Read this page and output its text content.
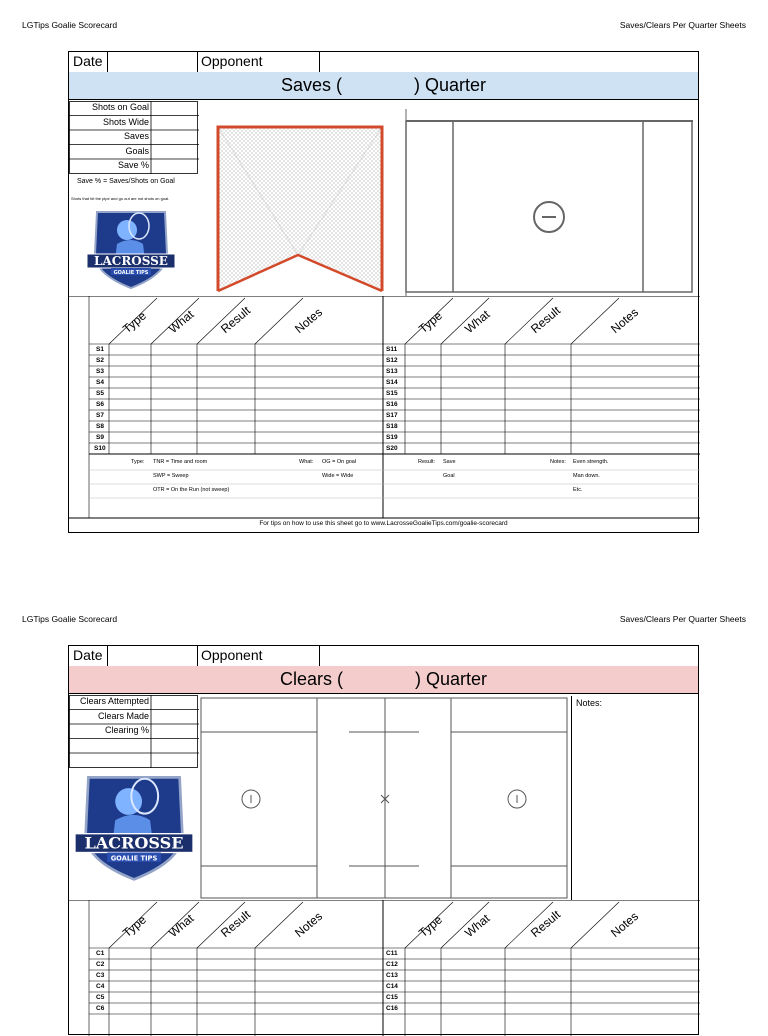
LGTips Goalie Scorecard	Saves/Clears Per Quarter Sheets
Date	Opponent
Saves (	) Quarter
Shots on Goal
Shots Wide
Saves
Goals
Save %
Save % = Saves/Shots on Goal
Shots that hit the pipe and go out are not shots on goal.
LACROSSE
GOALIE TIPS
Type What Result	Notes	Type What	Result	Notes
S1
S2
S3
S4
S5
S6
S7
S8
S9
S10
S11
S12
S13
S14
S15
S16
S17
S18
S19
S20
Type: TNR = Time and room
SWP = Sweep
OTR = On the Run (not sweep)
What: OG = On goal
Wide = Wide
Result: Save
Goal
Notes: Even strength.
Man down.
Etc.
For tips on how to use this sheet go to www.LacrosseGoalieTips.com/goalie-scorecard
LGTips Goalie Scorecard	Saves/Clears Per Quarter Sheets
Date	Opponent
Clears (	) Quarter
Clears Attempted
Clears Made
Clearing %
LACROSSE
GOALIE TIPS
Notes:
Type What Result	Notes	Type What	Result	Notes
C1
C2
C3
C4
C5
C6
C11
C12
C13
C14
C15
C16
